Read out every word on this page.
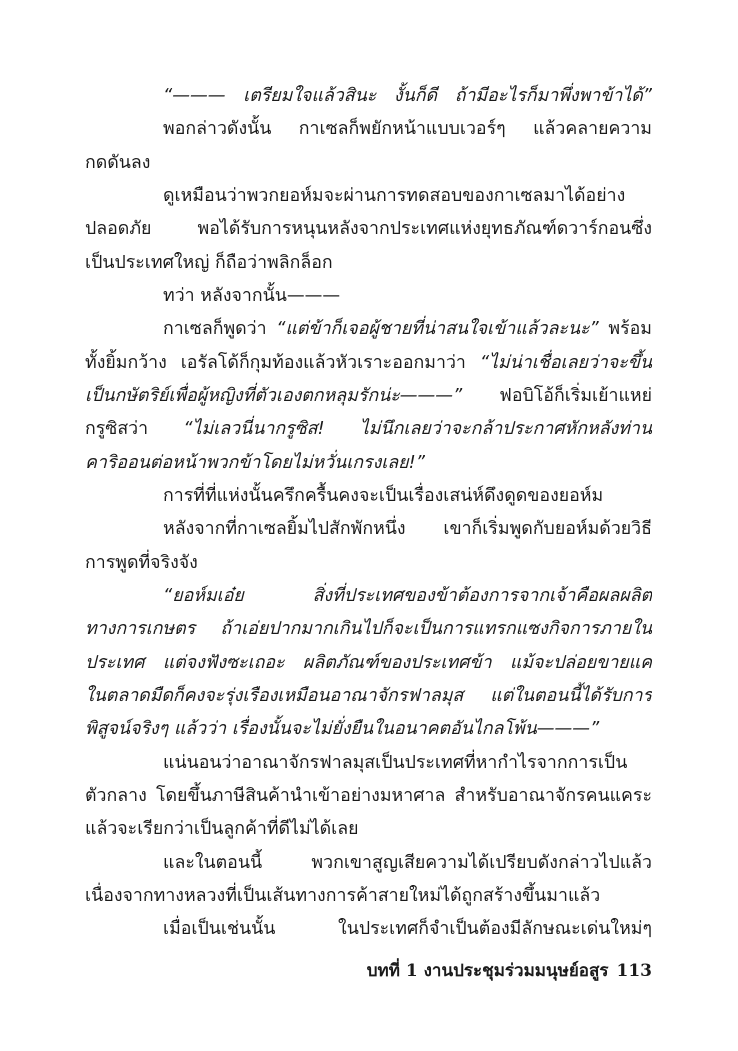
“——— เตรียมใจแล้วสินะ งั้นก็ดี ถ้ามีอะไรก็มาพึ่งพาข้าได้”
พอกล่าวดังนั้น กาเซลก็พยักหน้าแบบเวอร์ๆ แล้วคลายความ
กดดันลง
ดูเหมือนว่าพวกยอห์มจะผ่านการทดสอบของกาเซลมาได้อย่าง
ปลอดภัย พอได้รับการหนุนหลังจากประเทศแห่งยุทธภัณฑ์ดวาร์กอนซึ่ง
เป็นประเทศใหญ่ ก็ถือว่าพลิกล็อก
ทว่า หลังจากนั้น———
กาเซลก็พูดว่า “แต่ข้าก็เจอผู้ชายที่น่าสนใจเข้าแล้วละนะ” พร้อม
ทั้งยิ้มกว้าง เอรัลโด้ก็กุมท้องแล้วหัวเราะออกมาว่า “ไม่น่าเชื่อเลยว่าจะขึ้น
เป็นกษัตริย์เพื่อผู้หญิงที่ตัวเองตกหลุมรักน่ะ———” ฟอบิโอ้ก็เริ่มเย้าแหย่
กรูซิสว่า “ไม่เลวนี่นากรูซิส! ไม่นึกเลยว่าจะกล้าประกาศหักหลังท่าน
คาริออนต่อหน้าพวกข้าโดยไม่หวั่นเกรงเลย!”
การที่ที่แห่งนั้นครึกครื้นคงจะเป็นเรื่องเสน่ห์ดึงดูดของยอห์ม
หลังจากที่กาเซลยิ้มไปสักพักหนึ่ง เขาก็เริ่มพูดกับยอห์มด้วยวิธี
การพูดที่จริงจัง
“ยอห์มเอ๋ย สิ่งที่ประเทศของข้าต้องการจากเจ้าคือผลผลิต
ทางการเกษตร ถ้าเอ่ยปากมากเกินไปก็จะเป็นการแทรกแซงกิจการภายใน
ประเทศ แต่จงฟังซะเถอะ ผลิตภัณฑ์ของประเทศข้า แม้จะปล่อยขายแค่
ในตลาดมืดก็คงจะรุ่งเรืองเหมือนอาณาจักรฟาลมุส แต่ในตอนนี้ได้รับการ
พิสูจน์จริงๆ แล้วว่า เรื่องนั้นจะไม่ยั่งยืนในอนาคตอันไกลโพ้น———”
แน่นอนว่าอาณาจักรฟาลมุสเป็นประเทศที่หากำไรจากการเป็น
ตัวกลาง โดยขึ้นภาษีสินค้านำเข้าอย่างมหาศาล สำหรับอาณาจักรคนแคระ
แล้วจะเรียกว่าเป็นลูกค้าที่ดีไม่ได้เลย
และในตอนนี้ พวกเขาสูญเสียความได้เปรียบดังกล่าวไปแล้ว
เนื่องจากทางหลวงที่เป็นเส้นทางการค้าสายใหม่ได้ถูกสร้างขึ้นมาแล้ว
เมื่อเป็นเช่นนั้น ในประเทศก็จำเป็นต้องมีลักษณะเด่นใหม่ๆ
บทที่ 1 งานประชุมร่วมมนุษย์อสูร 113
